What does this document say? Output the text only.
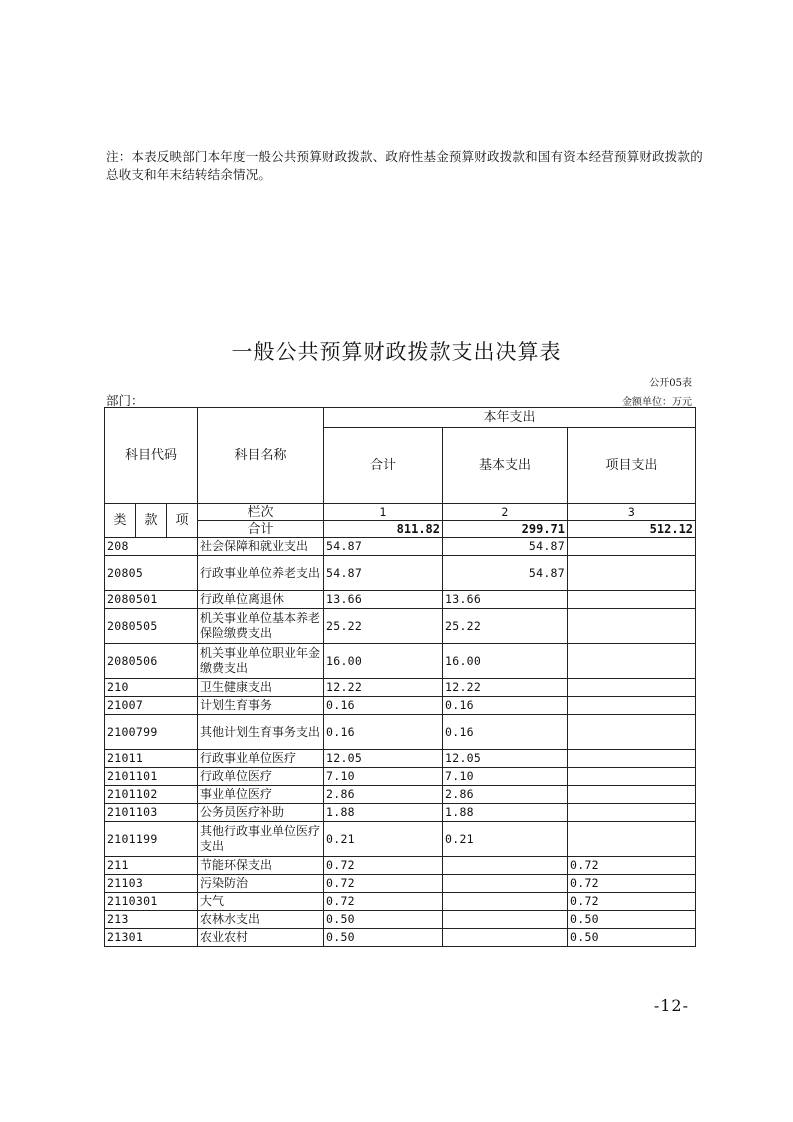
注：本表反映部门本年度一般公共预算财政拨款、政府性基金预算财政拨款和国有资本经营预算财政拨款的总收支和年末结转结余情况。
一般公共预算财政拨款支出决算表
公开05表
部门：	金额单位：万元
科目代码			科目名称	本年支出		
				合计	基本支出	项目支出

类	款	项	栏次	1	2	3
			合计	811.82	299.71	512.12
208			社会保障和就业支出	54.87	54.87	
20805			行政事业单位养老支出	54.87	54.87	
2080501			行政单位离退休	13.66	13.66	
2080505			机关事业单位基本养老保险缴费支出	25.22	25.22	
2080506			机关事业单位职业年金缴费支出	16.00	16.00	
210			卫生健康支出	12.22	12.22	
21007			计划生育事务	0.16	0.16	
2100799			其他计划生育事务支出	0.16	0.16	
21011			行政事业单位医疗	12.05	12.05	
2101101			行政单位医疗	7.10	7.10	
2101102			事业单位医疗	2.86	2.86	
2101103			公务员医疗补助	1.88	1.88	
2101199			其他行政事业单位医疗支出	0.21	0.21	
211			节能环保支出	0.72		0.72
21103			污染防治	0.72		0.72
2110301			大气	0.72		0.72
213			农林水支出	0.50		0.50
21301			农业农村	0.50		0.50
-12-
